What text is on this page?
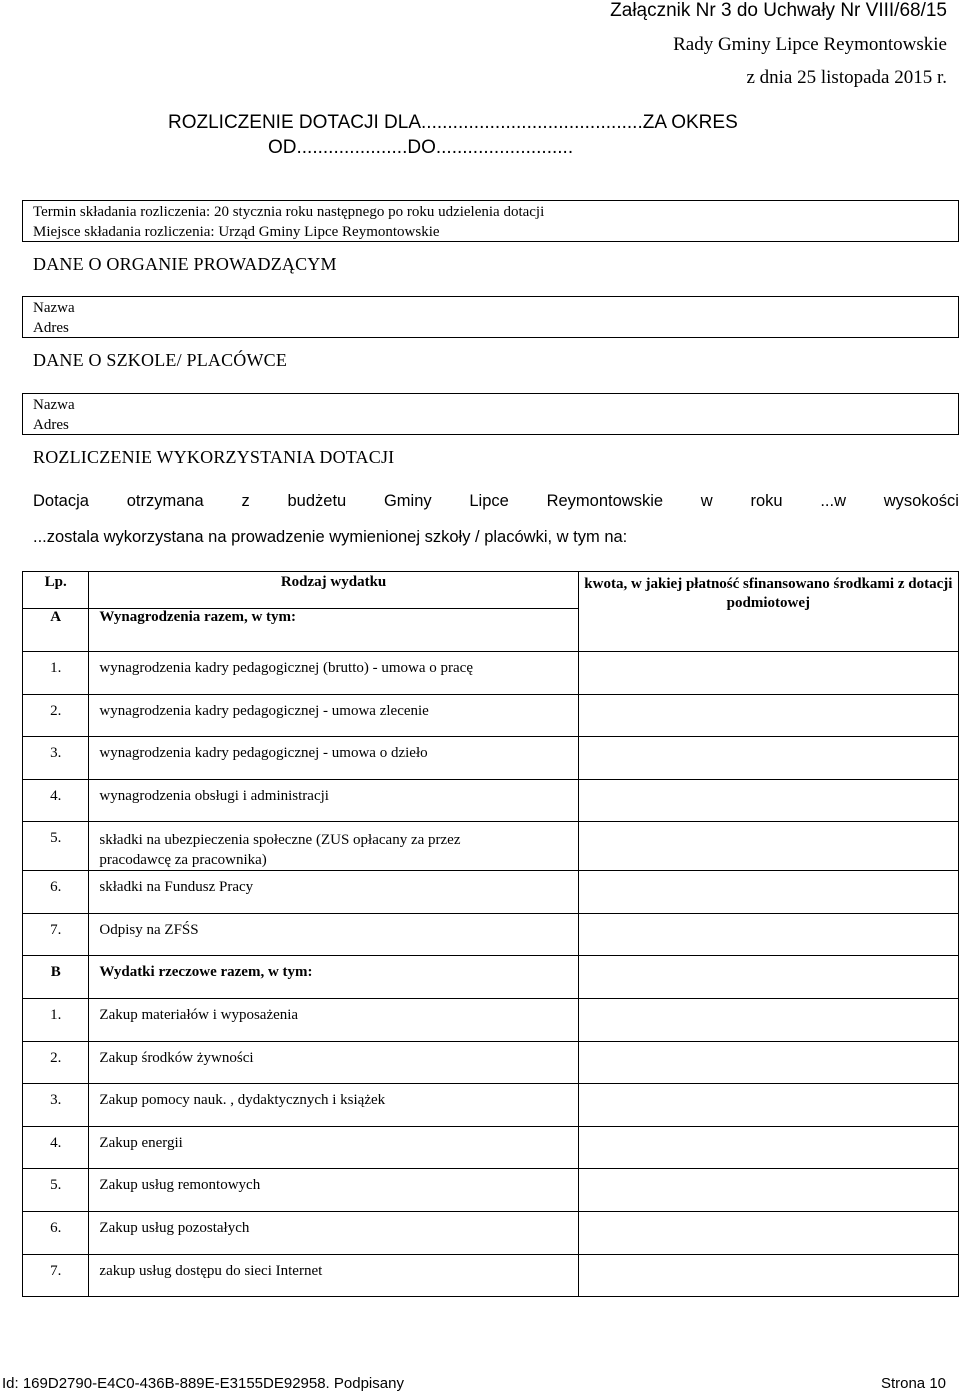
Załącznik Nr 3 do Uchwały Nr VIII/68/15
Rady Gminy Lipce Reymontowskie
z dnia 25 listopada 2015 r.
ROZLICZENIE DOTACJI DLA..........................................ZA OKRES
OD.....................DO..........................
Termin składania rozliczenia: 20 stycznia roku następnego po roku udzielenia dotacji
Miejsce składania rozliczenia: Urząd Gminy Lipce Reymontowskie
DANE O ORGANIE PROWADZĄCYM
Nazwa
Adres
DANE O SZKOLE/ PLACÓWCE
Nazwa
Adres
ROZLICZENIE WYKORZYSTANIA DOTACJI
Dotacja otrzymana z budżetu Gminy Lipce Reymontowskie w roku ...w wysokości
...zostala wykorzystana na prowadzenie wymienionej szkoły / placówki, w tym na:
Lp.	Rodzaj wydatku	kwota, w jakiej płatność sfinansowano środkami z dotacji podmiotowej

A	Wynagrodzenia razem, w tym:	
1.	wynagrodzenia kadry pedagogicznej (brutto) - umowa o pracę	
2.	wynagrodzenia kadry pedagogicznej - umowa zlecenie	
3.	wynagrodzenia kadry pedagogicznej - umowa o dzieło	
4.	wynagrodzenia obsługi i administracji	
5.	składki na ubezpieczenia społeczne (ZUS opłacany za przez pracodawcę za pracownika)	
6.	składki na Fundusz Pracy	
7.	Odpisy na ZFŚS	
B	Wydatki rzeczowe razem, w tym:	
1.	Zakup materiałów i wyposażenia	
2.	Zakup środków żywności	
3.	Zakup pomocy nauk. , dydaktycznych i książek	
4.	Zakup energii	
5.	Zakup usług remontowych	
6.	Zakup usług pozostałych	
7.	zakup usług dostępu do sieci Internet	
Id: 169D2790-E4C0-436B-889E-E3155DE92958. Podpisany	Strona 10
